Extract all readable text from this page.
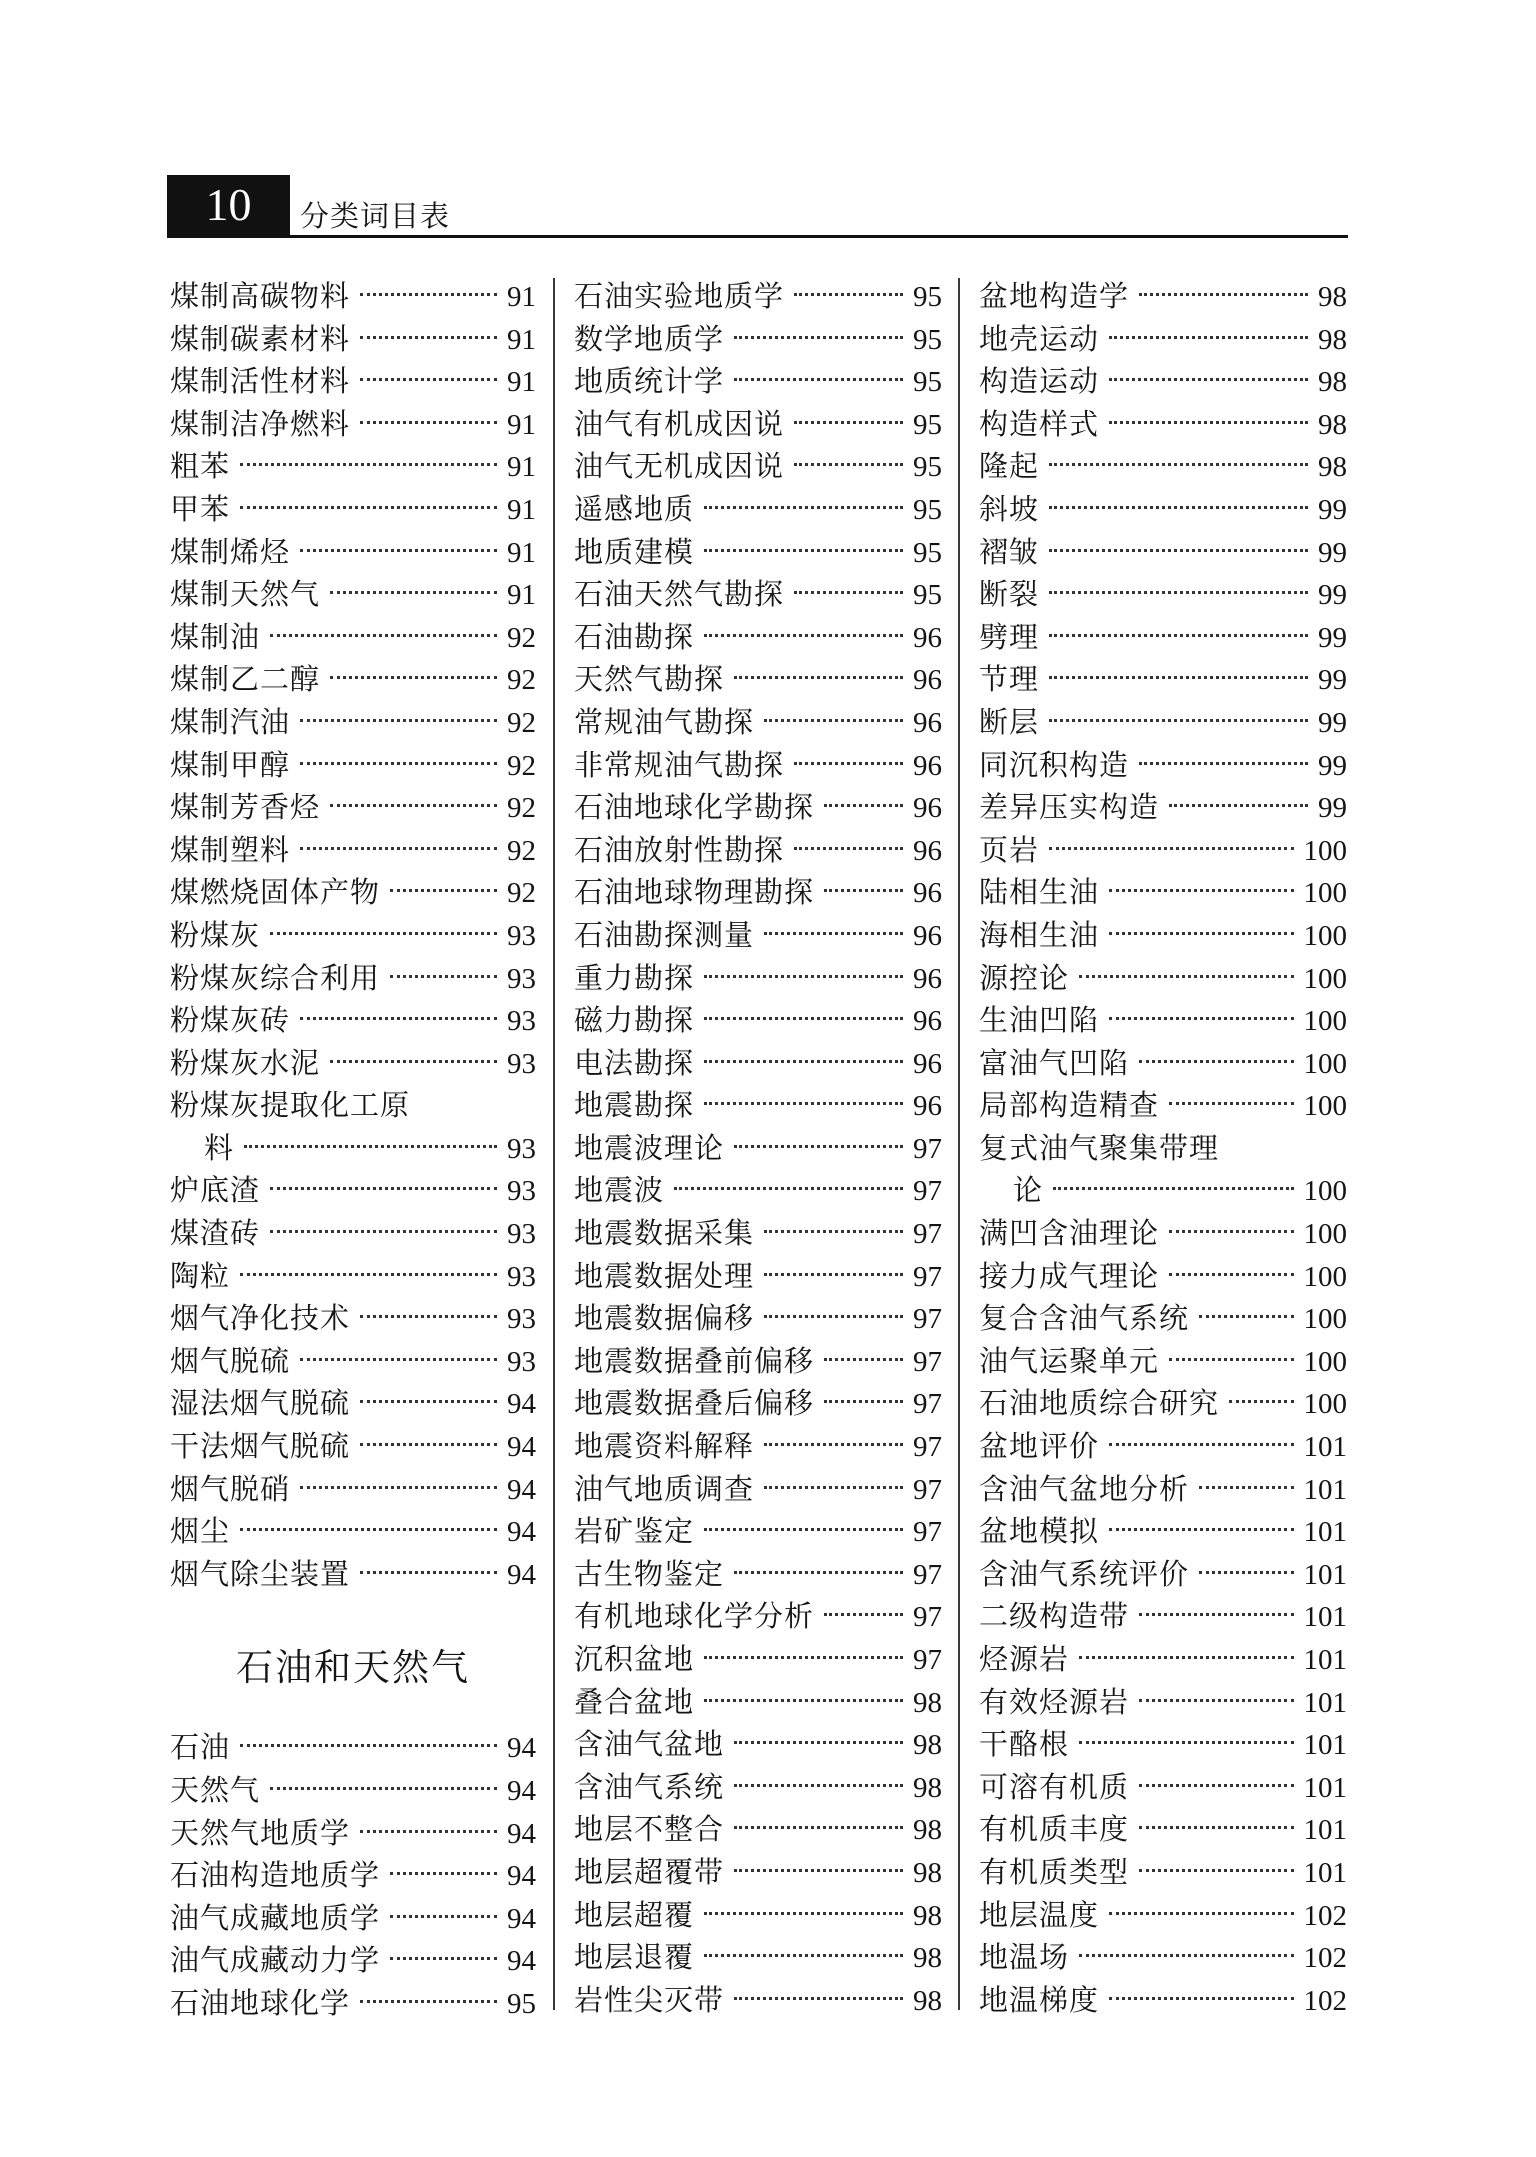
10	分类词目表
煤制高碳物料	91
煤制碳素材料	91
煤制活性材料	91
煤制洁净燃料	91
粗苯	91
甲苯	91
煤制烯烃	91
煤制天然气	91
煤制油	92
煤制乙二醇	92
煤制汽油	92
煤制甲醇	92
煤制芳香烃	92
煤制塑料	92
煤燃烧固体产物	92
粉煤灰	93
粉煤灰综合利用	93
粉煤灰砖	93
粉煤灰水泥	93
粉煤灰提取化工原
料	93
炉底渣	93
煤渣砖	93
陶粒	93
烟气净化技术	93
烟气脱硫	93
湿法烟气脱硫	94
干法烟气脱硫	94
烟气脱硝	94
烟尘	94
烟气除尘装置	94
石油和天然气
石油	94
天然气	94
天然气地质学	94
石油构造地质学	94
油气成藏地质学	94
油气成藏动力学	94
石油地球化学	95
石油实验地质学	95
数学地质学	95
地质统计学	95
油气有机成因说	95
油气无机成因说	95
遥感地质	95
地质建模	95
石油天然气勘探	95
石油勘探	96
天然气勘探	96
常规油气勘探	96
非常规油气勘探	96
石油地球化学勘探	96
石油放射性勘探	96
石油地球物理勘探	96
石油勘探测量	96
重力勘探	96
磁力勘探	96
电法勘探	96
地震勘探	96
地震波理论	97
地震波	97
地震数据采集	97
地震数据处理	97
地震数据偏移	97
地震数据叠前偏移	97
地震数据叠后偏移	97
地震资料解释	97
油气地质调查	97
岩矿鉴定	97
古生物鉴定	97
有机地球化学分析	97
沉积盆地	97
叠合盆地	98
含油气盆地	98
含油气系统	98
地层不整合	98
地层超覆带	98
地层超覆	98
地层退覆	98
岩性尖灭带	98
盆地构造学	98
地壳运动	98
构造运动	98
构造样式	98
隆起	98
斜坡	99
褶皱	99
断裂	99
劈理	99
节理	99
断层	99
同沉积构造	99
差异压实构造	99
页岩	100
陆相生油	100
海相生油	100
源控论	100
生油凹陷	100
富油气凹陷	100
局部构造精查	100
复式油气聚集带理
论	100
满凹含油理论	100
接力成气理论	100
复合含油气系统	100
油气运聚单元	100
石油地质综合研究	100
盆地评价	101
含油气盆地分析	101
盆地模拟	101
含油气系统评价	101
二级构造带	101
烃源岩	101
有效烃源岩	101
干酪根	101
可溶有机质	101
有机质丰度	101
有机质类型	101
地层温度	102
地温场	102
地温梯度	102
